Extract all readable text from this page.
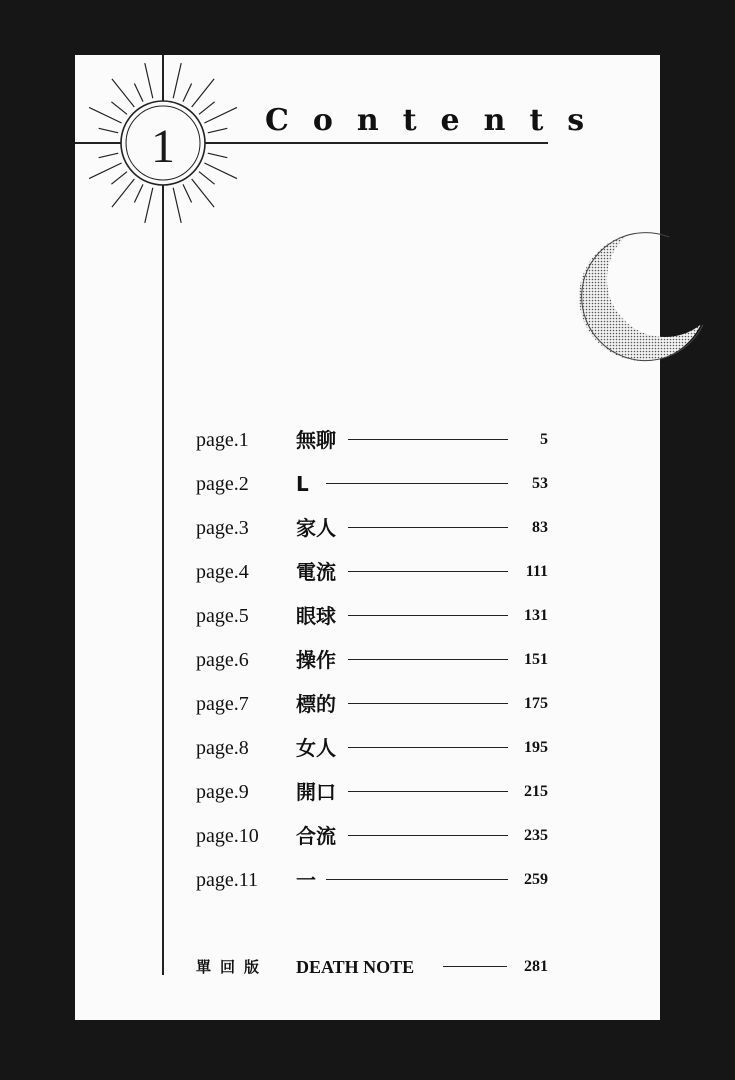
1	Contents
page.1	無聊	5
page.2	L	53
page.3	家人	83
page.4	電流	111
page.5	眼球	131
page.6	操作	151
page.7	標的	175
page.8	女人	195
page.9	開口	215
page.10	合流	235
page.11	一	259
單回版	DEATH NOTE	281
